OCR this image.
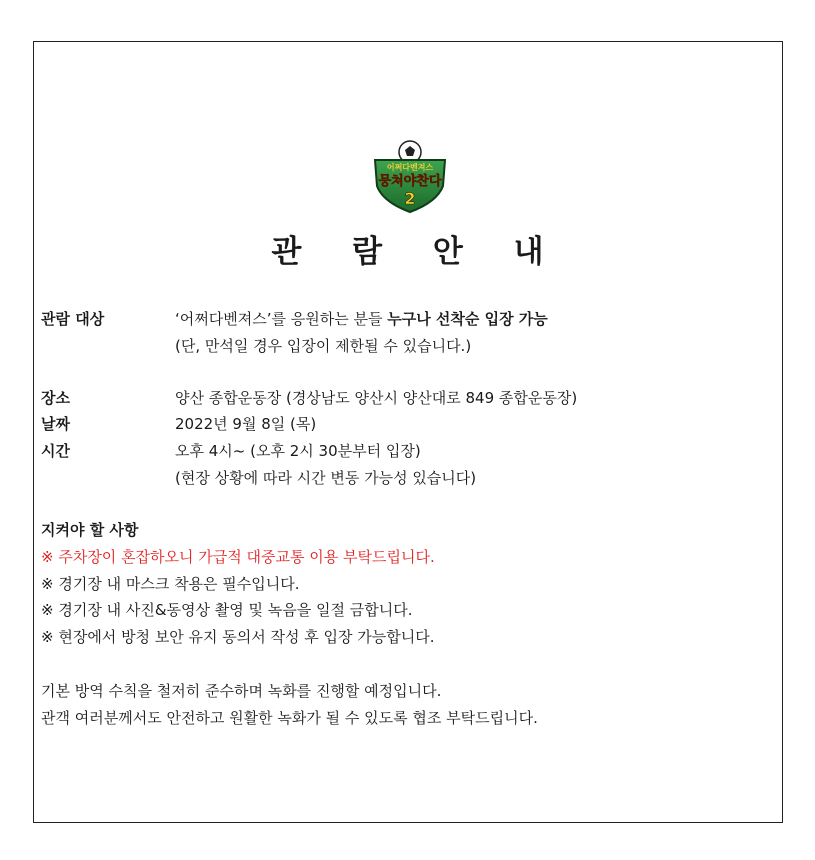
어쩌다벤져스
뭉쳐야찬다
2
관 람 안 내
관람 대상	‘어쩌다벤져스’를 응원하는 분들 누구나 선착순 입장 가능
(단, 만석일 경우 입장이 제한될 수 있습니다.)
장소	양산 종합운동장 (경상남도 양산시 양산대로 849 종합운동장)
날짜	2022년 9월 8일 (목)
시간	오후 4시~ (오후 2시 30분부터 입장)
(현장 상황에 따라 시간 변동 가능성 있습니다)
지켜야 할 사항
※ 주차장이 혼잡하오니 가급적 대중교통 이용 부탁드립니다.
※ 경기장 내 마스크 착용은 필수입니다.
※ 경기장 내 사진&동영상 촬영 및 녹음을 일절 금합니다.
※ 현장에서 방청 보안 유지 동의서 작성 후 입장 가능합니다.
기본 방역 수칙을 철저히 준수하며 녹화를 진행할 예정입니다.
관객 여러분께서도 안전하고 원활한 녹화가 될 수 있도록 협조 부탁드립니다.
